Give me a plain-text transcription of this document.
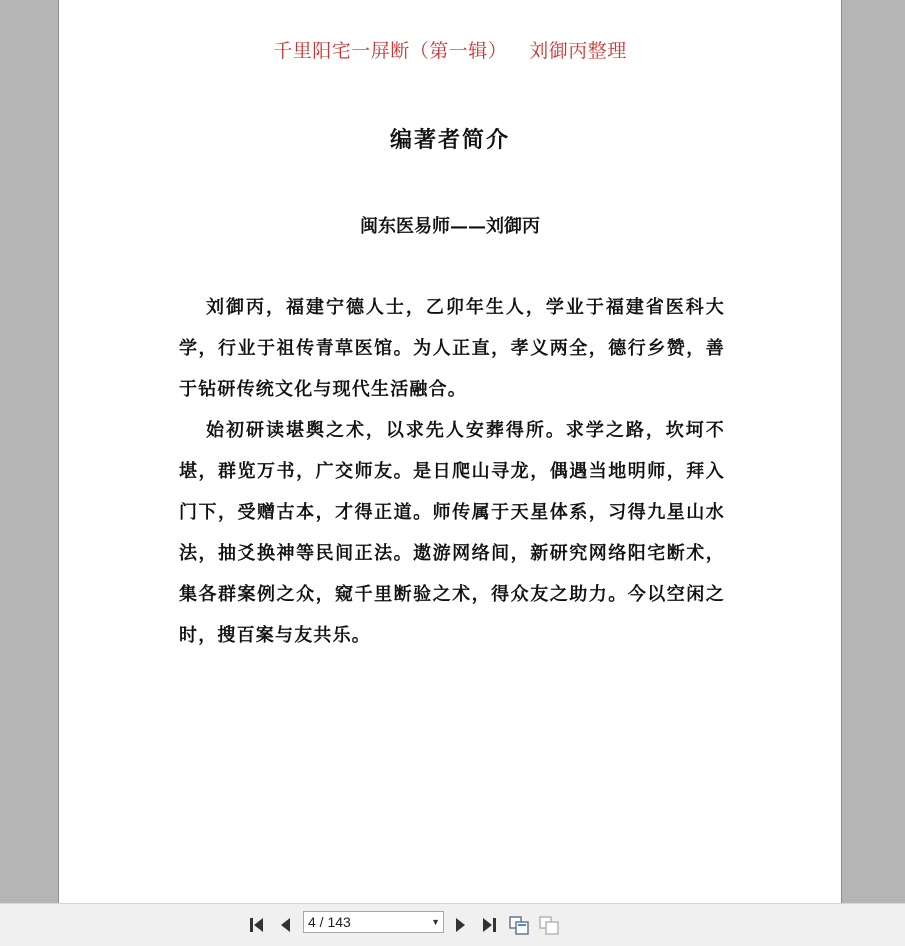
千里阳宅一屏断（第一辑） 刘御丙整理
编著者简介
闽东医易师——刘御丙

刘御丙，福建宁德人士，乙卯年生人，学业于福建省医科大学，行业于祖传青草医馆。为人正直，孝义两全，德行乡赞，善于钻研传统文化与现代生活融合。

始初研读堪舆之术，以求先人安葬得所。求学之路，坎坷不堪，群览万书，广交师友。是日爬山寻龙，偶遇当地明师，拜入门下，受赠古本，才得正道。师传属于天星体系，习得九星山水法，抽爻换神等民间正法。遨游网络间，新研究网络阳宅断术，集各群案例之众，窥千里断验之术，得众友之助力。今以空闲之时，搜百案与友共乐。

4 / 143	▼
